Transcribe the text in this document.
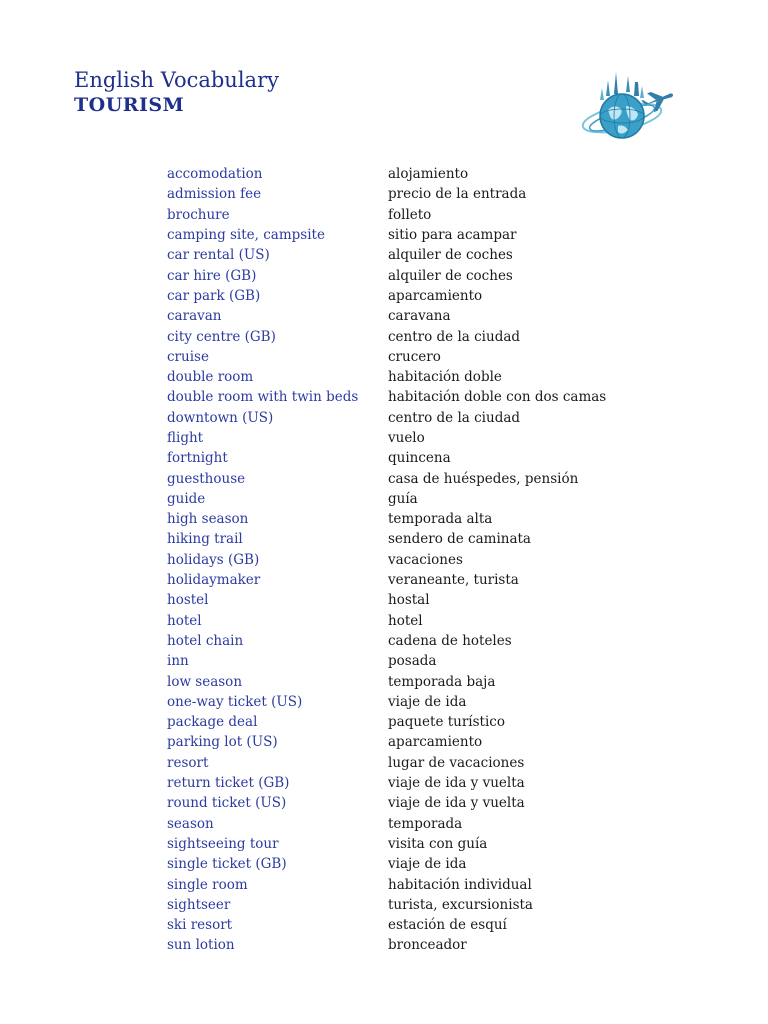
English Vocabulary
TOURISM
accomodation	alojamiento
admission fee	precio de la entrada
brochure	folleto
camping site, campsite	sitio para acampar
car rental (US)	alquiler de coches
car hire (GB)	alquiler de coches
car park (GB)	aparcamiento
caravan	caravana
city centre (GB)	centro de la ciudad
cruise	crucero
double room	habitación doble
double room with twin beds	habitación doble con dos camas
downtown (US)	centro de la ciudad
flight	vuelo
fortnight	quincena
guesthouse	casa de huéspedes, pensión
guide	guía
high season	temporada alta
hiking trail	sendero de caminata
holidays (GB)	vacaciones
holidaymaker	veraneante, turista
hostel	hostal
hotel	hotel
hotel chain	cadena de hoteles
inn	posada
low season	temporada baja
one-way ticket (US)	viaje de ida
package deal	paquete turístico
parking lot (US)	aparcamiento
resort	lugar de vacaciones
return ticket (GB)	viaje de ida y vuelta
round ticket (US)	viaje de ida y vuelta
season	temporada
sightseeing tour	visita con guía
single ticket (GB)	viaje de ida
single room	habitación individual
sightseer	turista, excursionista
ski resort	estación de esquí
sun lotion	bronceador
